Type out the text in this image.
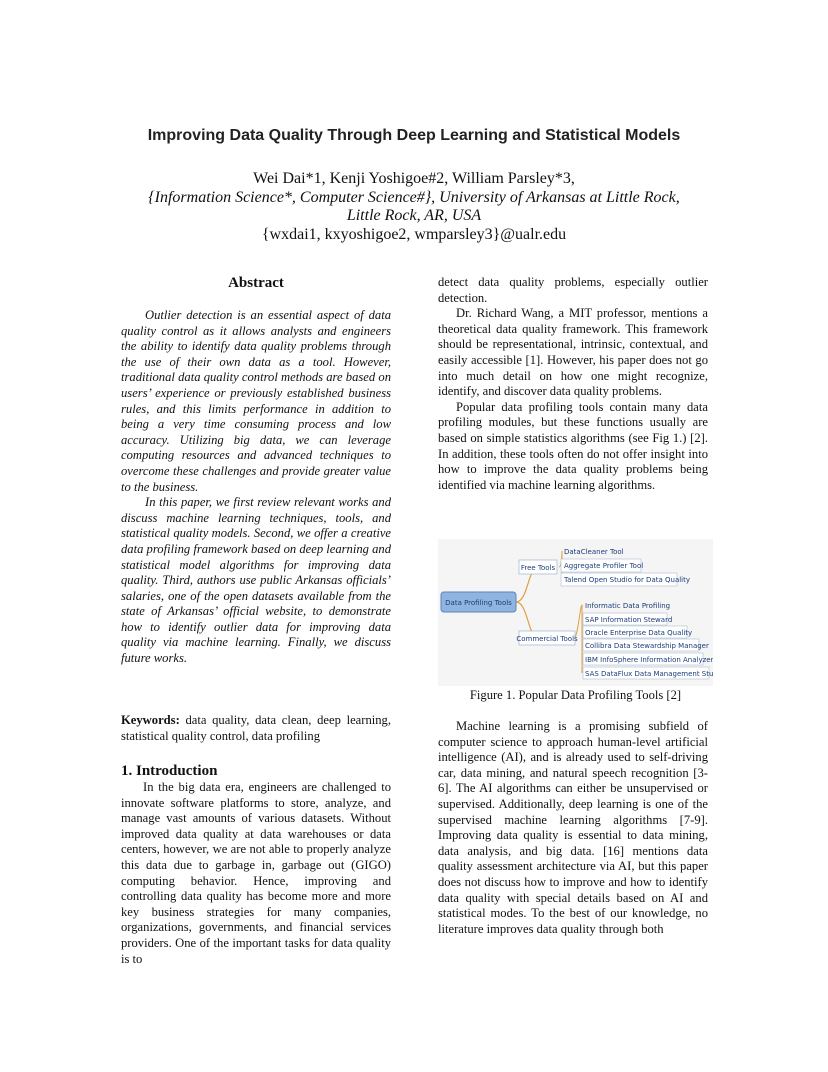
Improving Data Quality Through Deep Learning and Statistical Models
Wei Dai*1, Kenji Yoshigoe#2, William Parsley*3,
{Information Science*, Computer Science#}, University of Arkansas at Little Rock,
Little Rock, AR, USA
{wxdai1, kxyoshigoe2, wmparsley3}@ualr.edu
Abstract

Outlier detection is an essential aspect of data quality control as it allows analysts and engineers the ability to identify data quality problems through the use of their own data as a tool. However, traditional data quality control methods are based on users’ experience or previously established business rules, and this limits performance in addition to being a very time consuming process and low accuracy. Utilizing big data, we can leverage computing resources and advanced techniques to overcome these challenges and provide greater value to the business.

In this paper, we first review relevant works and discuss machine learning techniques, tools, and statistical quality models. Second, we offer a creative data profiling framework based on deep learning and statistical model algorithms for improving data quality. Third, authors use public Arkansas officials’ salaries, one of the open datasets available from the state of Arkansas’ official website, to demonstrate how to identify outlier data for improving data quality via machine learning. Finally, we discuss future works.

Keywords: data quality, data clean, deep learning, statistical quality control, data profiling
1. Introduction

In the big data era, engineers are challenged to innovate software platforms to store, analyze, and manage vast amounts of various datasets. Without improved data quality at data warehouses or data centers, however, we are not able to properly analyze this data due to garbage in, garbage out (GIGO) computing behavior. Hence, improving and controlling data quality has become more and more key business strategies for many companies, organizations, governments, and financial services providers. One of the important tasks for data quality is to

detect data quality problems, especially outlier detection.

Dr. Richard Wang, a MIT professor, mentions a theoretical data quality framework. This framework should be representational, intrinsic, contextual, and easily accessible [1]. However, his paper does not go into much detail on how one might recognize, identify, and discover data quality problems.

Popular data profiling tools contain many data profiling modules, but these functions usually are based on simple statistics algorithms (see Fig 1.) [2]. In addition, these tools often do not offer insight into how to improve the data quality problems being identified via machine learning algorithms.

Data Profiling Tools
Free Tools
DataCleaner Tool
Aggregate Profiler Tool
Talend Open Studio for Data Quality
Commercial Tools
Informatic Data Profiling
SAP Information Steward
Oracle Enterprise Data Quality
Collibra Data Stewardship Manager
IBM InfoSphere Information Analyzer
SAS DataFlux Data Management Studio
Figure 1. Popular Data Profiling Tools [2]

Machine learning is a promising subfield of computer science to approach human-level artificial intelligence (AI), and is already used to self-driving car, data mining, and natural speech recognition [3-6]. The AI algorithms can either be unsupervised or supervised. Additionally, deep learning is one of the supervised machine learning algorithms [7-9]. Improving data quality is essential to data mining, data analysis, and big data. [16] mentions data quality assessment architecture via AI, but this paper does not discuss how to improve and how to identify data quality with special details based on AI and statistical modes. To the best of our knowledge, no literature improves data quality through both
